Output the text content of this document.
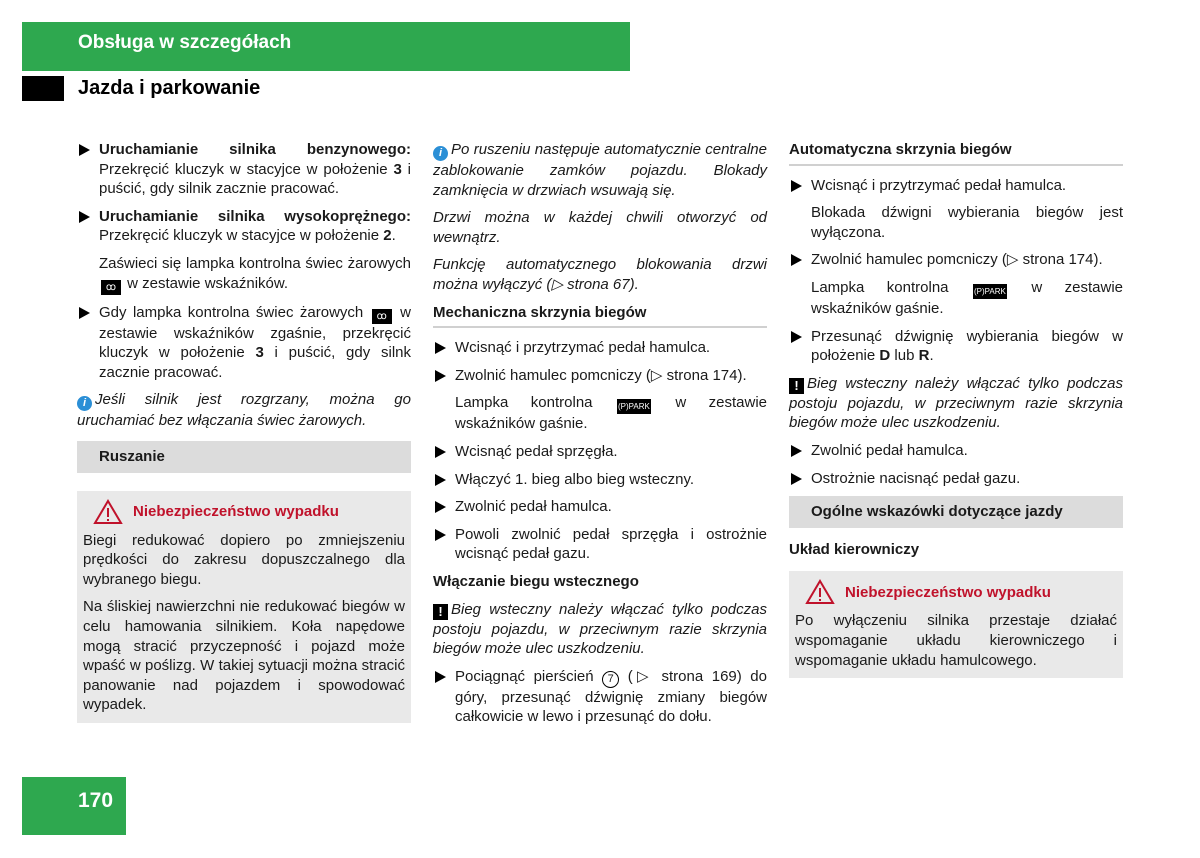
Obsługa w szczegółach
Jazda i parkowanie
Uruchamianie silnika benzynowego: Przekręcić kluczyk w stacyjce w położenie 3 i puścić, gdy silnik zacznie pracować.
Uruchamianie silnika wysokoprężnego: Przekręcić kluczyk w stacyjce w położenie 2.
Zaświeci się lampka kontrolna świec żarowych ꝏ w zestawie wskaźników.
Gdy lampka kontrolna świec żarowych ꝏ w zestawie wskaźników zgaśnie, przekręcić kluczyk w położenie 3 i puścić, gdy silnk zacznie pracować.
i Jeśli silnik jest rozgrzany, można go uruchamiać bez włączania świec żarowych.
Ruszanie
Niebezpieczeństwo wypadku

Biegi redukować dopiero po zmniejszeniu prędkości do zakresu dopuszczalnego dla wybranego biegu.

Na śliskiej nawierzchni nie redukować biegów w celu hamowania silnikiem. Koła napędowe mogą stracić przyczepność i pojazd może wpaść w poślizg. W takiej sytuacji można stracić panowanie nad pojazdem i spowodować wypadek.

i Po ruszeniu następuje automatycznie centralne zablokowanie zamków pojazdu. Blokady zamknięcia w drzwiach wsuwają się.
Drzwi można w każdej chwili otworzyć od wewnątrz.
Funkcję automatycznego blokowania drzwi można wyłączyć (▷ strona 67).
Mechaniczna skrzynia biegów
Wcisnąć i przytrzymać pedał hamulca.
Zwolnić hamulec pomcniczy (▷ strona 174).
Lampka kontrolna (P)PARK w zestawie wskaźników gaśnie.
Wcisnąć pedał sprzęgła.
Włączyć 1. bieg albo bieg wsteczny.
Zwolnić pedał hamulca.
Powoli zwolnić pedał sprzęgła i ostrożnie wcisnąć pedał gazu.
Włączanie biegu wstecznego
! Bieg wsteczny należy włączać tylko podczas postoju pojazdu, w przeciwnym razie skrzynia biegów może ulec uszkodzeniu.
Pociągnąć pierścień 7 (▷ strona 169) do góry, przesunąć dźwignię zmiany biegów całkowicie w lewo i przesunąć do dołu.
Automatyczna skrzynia biegów
Wcisnąć i przytrzymać pedał hamulca.
Blokada dźwigni wybierania biegów jest wyłączona.
Zwolnić hamulec pomcniczy (▷ strona 174).
Lampka kontrolna (P)PARK w zestawie wskaźników gaśnie.
Przesunąć dźwignię wybierania biegów w położenie D lub R.
! Bieg wsteczny należy włączać tylko podczas postoju pojazdu, w przeciwnym razie skrzynia biegów może ulec uszkodzeniu.
Zwolnić pedał hamulca.
Ostrożnie nacisnąć pedał gazu.
Ogólne wskazówki dotyczące jazdy
Układ kierowniczy
Niebezpieczeństwo wypadku

Po wyłączeniu silnika przestaje działać wspomaganie układu kierowniczego i wspomaganie układu hamulcowego.

170
